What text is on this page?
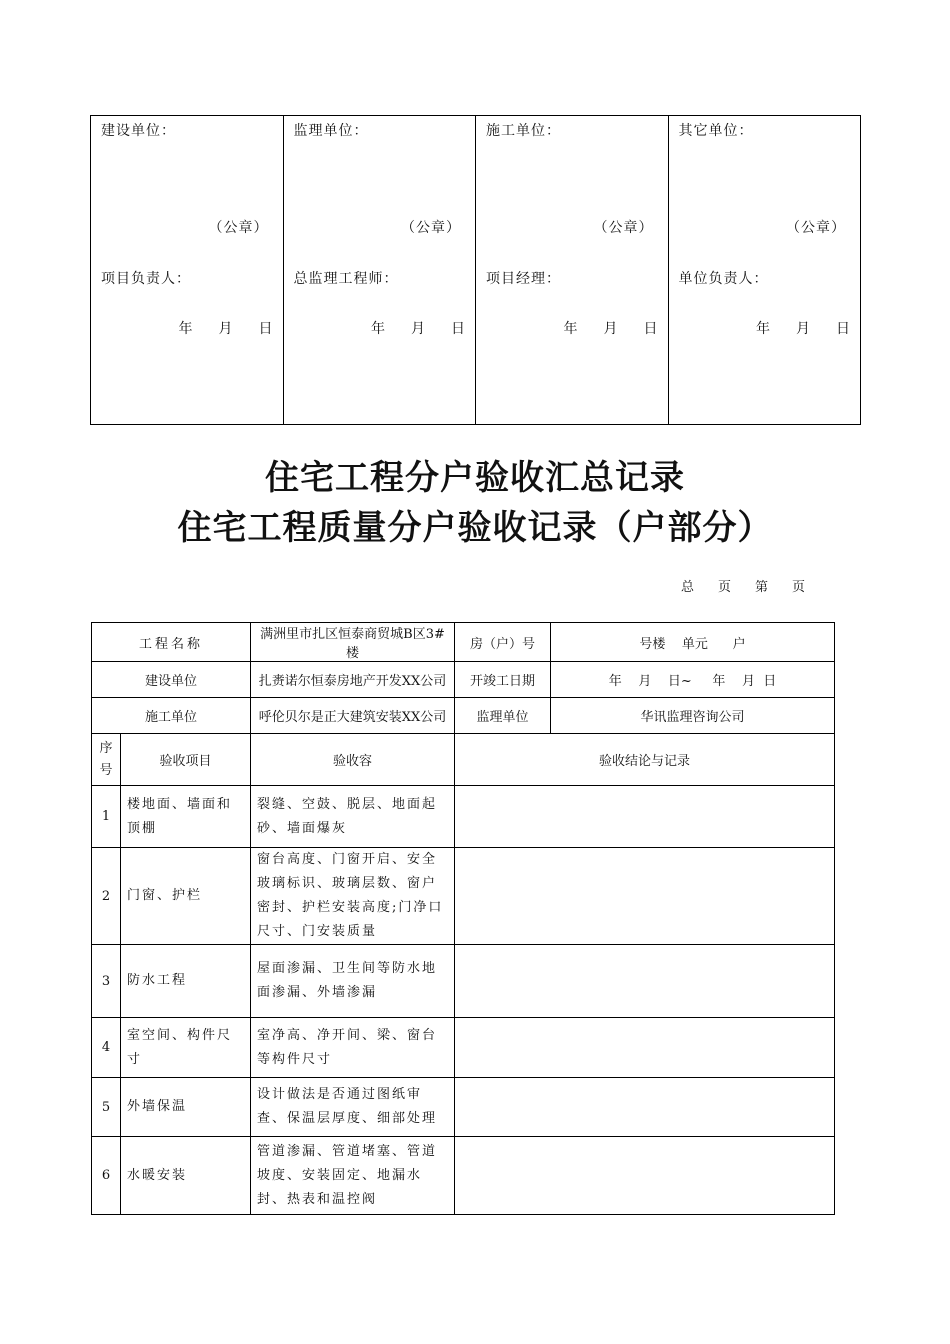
建设单位：
（公章）
项目负责人：
年 月 日
监理单位：
（公章）
总监理工程师：
年 月 日
施工单位：
（公章）
项目经理：
年 月 日
其它单位：
（公章）
单位负责人：
年 月 日
住宅工程分户验收汇总记录
住宅工程质量分户验收记录（户部分）
总 页 第 页
工程名称		满洲里市扎区恒泰商贸城B区3#楼	房（户）号	号楼    单元      户
建设单位		扎赉诺尔恒泰房地产开发XX公司	开竣工日期	年    月    日~     年    月  日
施工单位		呼伦贝尔是正大建筑安装XX公司	监理单位	华讯监理咨询公司
序号	验收项目	验收容	验收结论与记录	
1	楼地面、墙面和顶棚	裂缝、空鼓、脱层、地面起砂、墙面爆灰		
2	门窗、护栏	窗台高度、门窗开启、安全玻璃标识、玻璃层数、窗户密封、护栏安装高度;门净口尺寸、门安装质量		
3	防水工程	屋面渗漏、卫生间等防水地面渗漏、外墙渗漏		
4	室空间、构件尺寸	室净高、净开间、梁、窗台等构件尺寸		
5	外墙保温	设计做法是否通过图纸审查、保温层厚度、细部处理		
6	水暖安装	管道渗漏、管道堵塞、管道坡度、安装固定、地漏水封、热表和温控阀		
